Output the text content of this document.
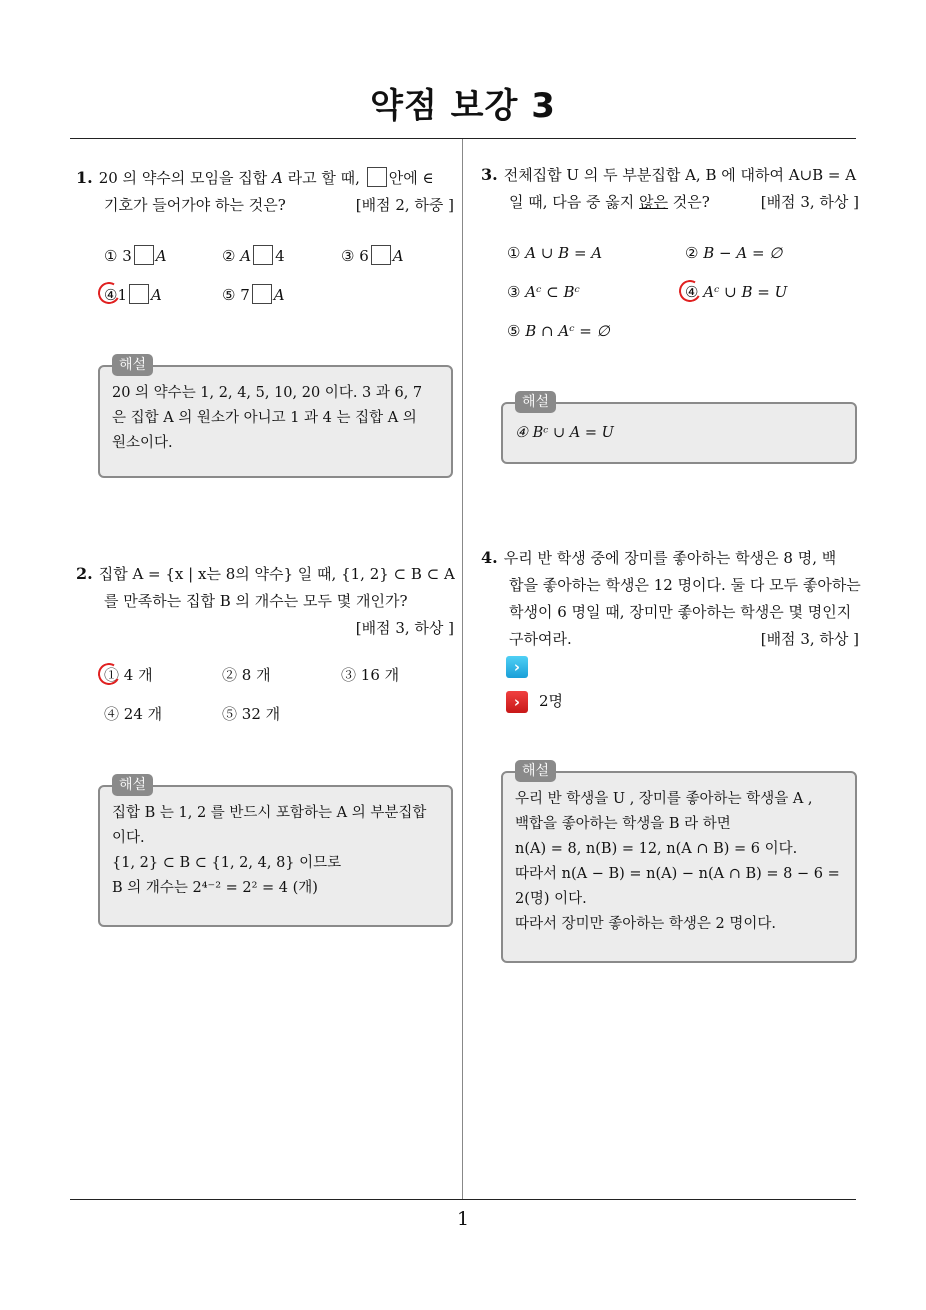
약점 보강 3
1
1. 20 의 약수의 모임을 집합 A 라고 할 때, 안에 ∈
기호가 들어가야 하는 것은?	[배점 2, 하중 ]
① 3 A	② A 4	③ 6 A
④1 A	⑤ 7 A
20 의 약수는 1, 2, 4, 5, 10, 20 이다. 3 과 6, 7
은 집합 A 의 원소가 아니고 1 과 4 는 집합 A 의
원소이다.
해설
2. 집합 A = {x | x는 8의 약수} 일 때, {1, 2} ⊂ B ⊂ A
를 만족하는 집합 B 의 개수는 모두 몇 개인가?
[배점 3, 하상 ]
① 4 개	② 8 개	③ 16 개
④ 24 개	⑤ 32 개
집합 B 는 1, 2 를 반드시 포함하는 A 의 부분집합
이다.
{1, 2} ⊂ B ⊂ {1, 2, 4, 8} 이므로
B 의 개수는 2⁴⁻² = 2² = 4 (개)
해설
3. 전체집합 U 의 두 부분집합 A, B 에 대하여 A∪B = A
일 때, 다음 중 옳지 않은 것은?	[배점 3, 하상 ]
① A ∪ B = A	② B − A = ∅
③ Aᶜ ⊂ Bᶜ	④ Aᶜ ∪ B = U
⑤ B ∩ Aᶜ = ∅
④ Bᶜ ∪ A = U
해설
4. 우리 반 학생 중에 장미를 좋아하는 학생은 8 명, 백
합을 좋아하는 학생은 12 명이다. 둘 다 모두 좋아하는
학생이 6 명일 때, 장미만 좋아하는 학생은 몇 명인지
구하여라.	[배점 3, 하상 ]
›
›	2명
우리 반 학생을 U , 장미를 좋아하는 학생을 A ,
백합을 좋아하는 학생을 B 라 하면
n(A) = 8, n(B) = 12, n(A ∩ B) = 6 이다.
따라서 n(A − B) = n(A) − n(A ∩ B) = 8 − 6 =
2(명) 이다.
따라서 장미만 좋아하는 학생은 2 명이다.
해설
